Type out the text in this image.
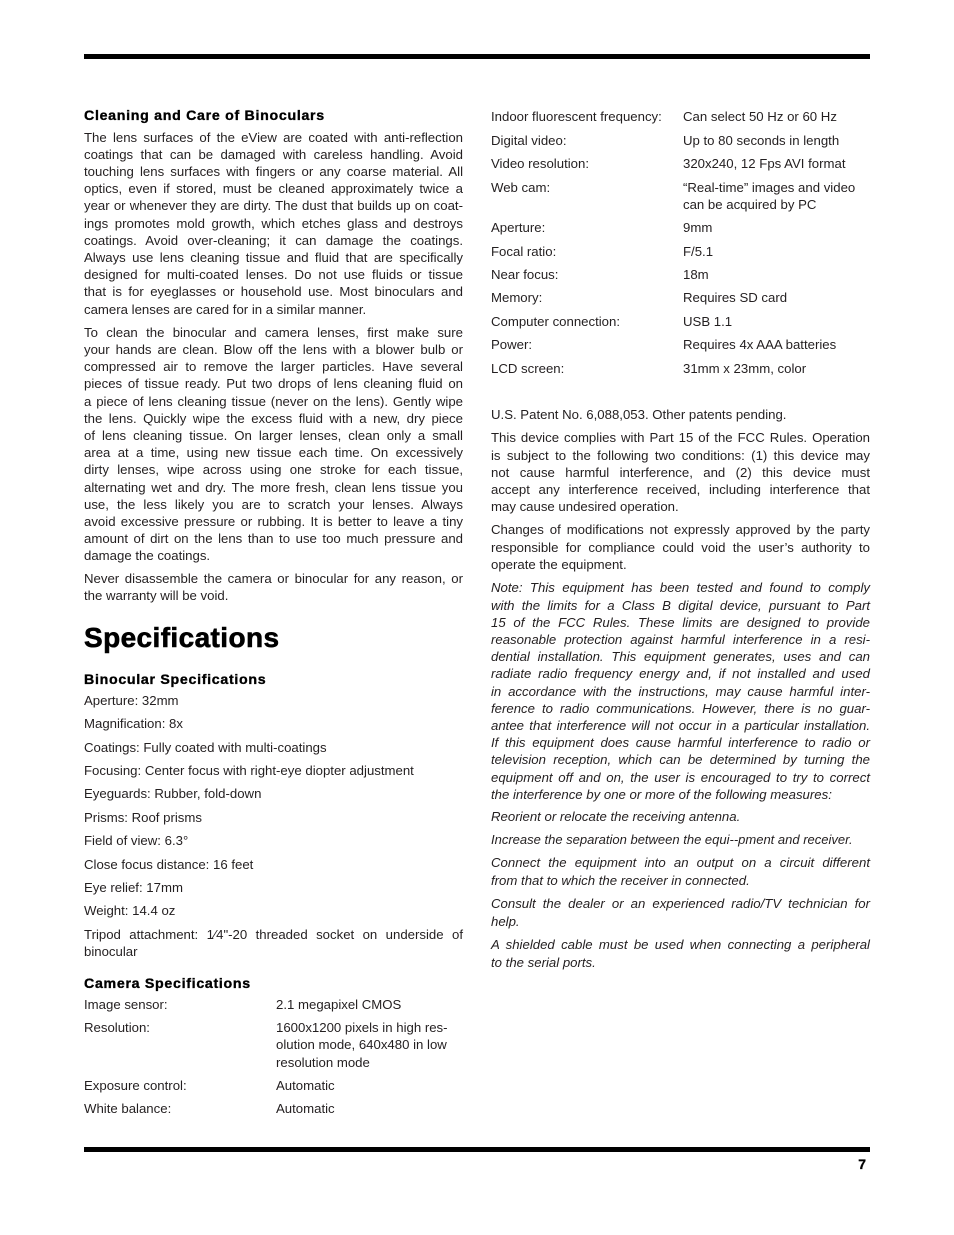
Cleaning and Care of Binoculars
The lens surfaces of the eView are coated with anti-reflection
coatings that can be damaged with careless handling. Avoid
touching lens surfaces with fingers or any coarse material. All
optics, even if stored, must be cleaned approximately twice a
year or whenever they are dirty. The dust that builds up on coat-
ings promotes mold growth, which etches glass and destroys
coatings. Avoid over-cleaning; it can damage the coatings.
Always use lens cleaning tissue and fluid that are specifically
designed for multi-coated lenses. Do not use fluids or tissue
that is for eyeglasses or household use. Most binoculars and
camera lenses are cared for in a similar manner.
To clean the binocular and camera lenses, first make sure
your hands are clean. Blow off the lens with a blower bulb or
compressed air to remove the larger particles. Have several
pieces of tissue ready. Put two drops of lens cleaning fluid on
a piece of lens cleaning tissue (never on the lens). Gently wipe
the lens. Quickly wipe the excess fluid with a new, dry piece
of lens cleaning tissue. On larger lenses, clean only a small
area at a time, using new tissue each time. On excessively
dirty lenses, wipe across using one stroke for each tissue,
alternating wet and dry. The more fresh, clean lens tissue you
use, the less likely you are to scratch your lenses. Always
avoid excessive pressure or rubbing. It is better to leave a tiny
amount of dirt on the lens than to use too much pressure and
damage the coatings.
Never disassemble the camera or binocular for any reason, or
the warranty will be void.
Specifications
Binocular Specifications
Aperture: 32mm
Magnification: 8x
Coatings: Fully coated with multi-coatings
Focusing: Center focus with right-eye diopter adjustment
Eyeguards: Rubber, fold-down
Prisms: Roof prisms
Field of view: 6.3°
Close focus distance: 16 feet
Eye relief: 17mm
Weight: 14.4 oz
Tripod attachment: 1⁄4"-20 threaded socket on underside of
binocular
Camera Specifications
Image sensor:	2.1 megapixel CMOS
Resolution:	1600x1200 pixels in high res-
olution mode, 640x480 in low
resolution mode
Exposure control:	Automatic
White balance:	Automatic
Indoor fluorescent frequency:	Can select 50 Hz or 60 Hz
Digital video:	Up to 80 seconds in length
Video resolution:	320x240, 12 Fps AVI format
Web cam:	“Real-time” images and video
can be acquired by PC
Aperture:	9mm
Focal ratio:	F/5.1
Near focus:	18m
Memory:	Requires SD card
Computer connection:	USB 1.1
Power:	Requires 4x AAA batteries
LCD screen:	31mm x 23mm, color
U.S. Patent No. 6,088,053. Other patents pending.
This device complies with Part 15 of the FCC Rules. Operation
is subject to the following two conditions: (1) this device may
not cause harmful interference, and (2) this device must
accept any interference received, including interference that
may cause undesired operation.
Changes of modifications not expressly approved by the party
responsible for compliance could void the user’s authority to
operate the equipment.
Note: This equipment has been tested and found to comply
with the limits for a Class B digital device, pursuant to Part
15 of the FCC Rules. These limits are designed to provide
reasonable protection against harmful interference in a resi-
dential installation. This equipment generates, uses and can
radiate radio frequency energy and, if not installed and used
in accordance with the instructions, may cause harmful inter-
ference to radio communications. However, there is no guar-
antee that interference will not occur in a particular installation.
If this equipment does cause harmful interference to radio or
television reception, which can be determined by turning the
equipment off and on, the user is encouraged to try to correct
the interference by one or more of the following measures:
Reorient or relocate the receiving antenna.
Increase the separation between the equi--pment and receiver.
Connect the equipment into an output on a circuit different
from that to which the receiver in connected.
Consult the dealer or an experienced radio/TV technician for
help.
A shielded cable must be used when connecting a peripheral
to the serial ports.
7
